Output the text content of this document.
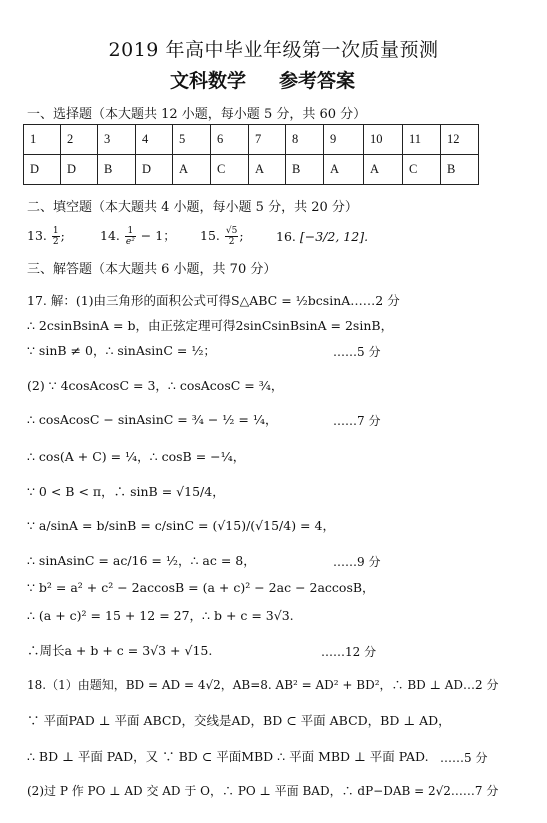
2019 年高中毕业年级第一次质量预测
文科数学 参考答案
一、选择题（本大题共 12 小题，每小题 5 分，共 60 分）
1	2	3	4	5	6	7	8	9	10	11	12
D	D	B	D	A	C	A	B	A	A	C	B
二、填空题（本大题共 4 小题，每小题 5 分，共 20 分）
13. $\frac{1}{2}$ ;	14. $\frac{1}{\text{e²}} - 1$； 15. $\frac{√5}{2}$ ;	16. [−3/2, 12].
三、解答题（本大题共 6 小题，共 70 分）
17. 解：(1)由三角形的面积公式可得S△ABC = ½bcsinA……2 分
∴ 2csinBsinA = b，由正弦定理可得2sinCsinBsinA = 2sinB，
∵ sinB ≠ 0，∴ sinAsinC = ½；	……5 分
(2) ∵ 4cosAcosC = 3，∴ cosAcosC = ¾，
∴ cosAcosC − sinAsinC = ¾ − ½ = ¼，	……7 分
∴ cos(A + C) = ¼，∴ cosB = −¼，
∵ 0 < B < π，∴ sinB = √15/4，
∵ a/sinA = b/sinB = c/sinC = (√15)/(√15/4) = 4，
∴ sinAsinC = ac/16 = ½，∴ ac = 8，	……9 分
∵ b² = a² + c² − 2accosB = (a + c)² − 2ac − 2accosB，
∴ (a + c)² = 15 + 12 = 27，∴ b + c = 3√3.
∴周长a + b + c = 3√3 + √15.	……12 分
18.（1）由题知，BD = AD = 4√2，AB=8. AB² = AD² + BD²，∴ BD ⊥ AD…2 分
∵ 平面PAD ⊥ 平面 ABCD，交线是AD，BD ⊂ 平面 ABCD，BD ⊥ AD，
∴ BD ⊥ 平面 PAD，又 ∵ BD ⊂ 平面MBD ∴ 平面 MBD ⊥ 平面 PAD. ……5 分
(2)过 P 作 PO ⊥ AD 交 AD 于 O，∴ PO ⊥ 平面 BAD，∴ dP−DAB = 2√2……7 分
